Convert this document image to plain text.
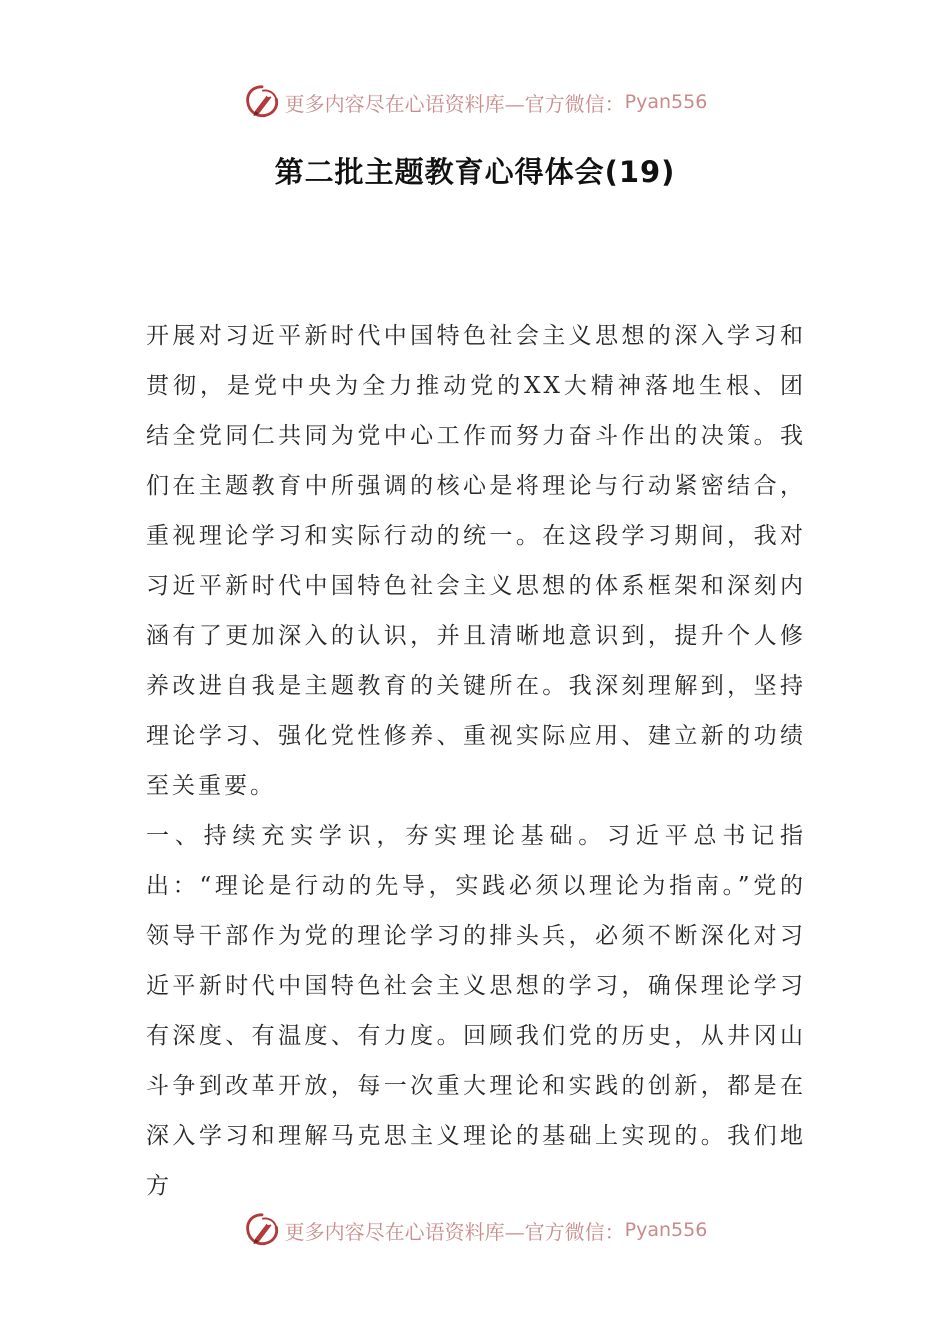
更多内容尽在心语资料库—官方微信： Pyan556
第二批主题教育心得体会(19)

开展对习近平新时代中国特色社会主义思想的深入学习和贯彻，是党中央为全力推动党的XX大精神落地生根、团结全党同仁共同为党中心工作而努力奋斗作出的决策。我们在主题教育中所强调的核心是将理论与行动紧密结合，重视理论学习和实际行动的统一。在这段学习期间，我对习近平新时代中国特色社会主义思想的体系框架和深刻内涵有了更加深入的认识，并且清晰地意识到，提升个人修养改进自我是主题教育的关键所在。我深刻理解到，坚持理论学习、强化党性修养、重视实际应用、建立新的功绩至关重要。

一、持续充实学识，夯实理论基础。习近平总书记指出：“理论是行动的先导，实践必须以理论为指南。”党的领导干部作为党的理论学习的排头兵，必须不断深化对习近平新时代中国特色社会主义思想的学习，确保理论学习有深度、有温度、有力度。回顾我们党的历史，从井冈山斗争到改革开放，每一次重大理论和实践的创新，都是在深入学习和理解马克思主义理论的基础上实现的。我们地方

更多内容尽在心语资料库—官方微信： Pyan556
